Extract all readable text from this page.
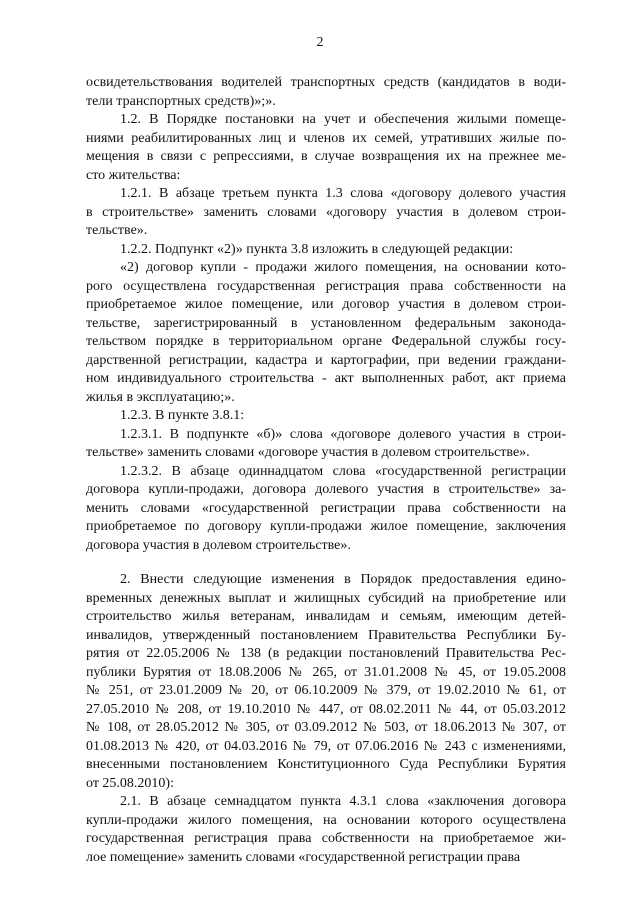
2
освидетельствования водителей транспортных средств (кандидатов в води-
тели транспортных средств)»;».
1.2. В Порядке постановки на учет и обеспечения жилыми помеще-
ниями реабилитированных лиц и членов их семей, утративших жилые по-
мещения в связи с репрессиями, в случае возвращения их на прежнее ме-
сто жительства:
1.2.1. В абзаце третьем пункта 1.3 слова «договору долевого участия
в строительстве» заменить словами «договору участия в долевом строи-
тельстве».
1.2.2. Подпункт «2)» пункта 3.8 изложить в следующей редакции:
«2) договор купли - продажи жилого помещения, на основании кото-
рого осуществлена государственная регистрация права собственности на
приобретаемое жилое помещение, или договор участия в долевом строи-
тельстве, зарегистрированный в установленном федеральным законода-
тельством порядке в территориальном органе Федеральной службы госу-
дарственной регистрации, кадастра и картографии, при ведении граждани-
ном индивидуального строительства - акт выполненных работ, акт приема
жилья в эксплуатацию;».
1.2.3. В пункте 3.8.1:
1.2.3.1. В подпункте «б)» слова «договоре долевого участия в строи-
тельстве» заменить словами «договоре участия в долевом строительстве».
1.2.3.2. В абзаце одиннадцатом слова «государственной регистрации
договора купли-продажи, договора долевого участия в строительстве» за-
менить словами «государственной регистрации права собственности на
приобретаемое по договору купли-продажи жилое помещение, заключения
договора участия в долевом строительстве».
2. Внести следующие изменения в Порядок предоставления едино-
временных денежных выплат и жилищных субсидий на приобретение или
строительство жилья ветеранам, инвалидам и семьям, имеющим детей-
инвалидов, утвержденный постановлением Правительства Республики Бу-
рятия от 22.05.2006 № 138 (в редакции постановлений Правительства Рес-
публики Бурятия от 18.08.2006 № 265, от 31.01.2008 № 45, от 19.05.2008
№ 251, от 23.01.2009 № 20, от 06.10.2009 № 379, от 19.02.2010 № 61, от
27.05.2010 № 208, от 19.10.2010 № 447, от 08.02.2011 № 44, от 05.03.2012
№ 108, от 28.05.2012 № 305, от 03.09.2012 № 503, от 18.06.2013 № 307, от
01.08.2013 № 420, от 04.03.2016 № 79, от 07.06.2016 № 243 с изменениями,
внесенными постановлением Конституционного Суда Республики Бурятия
от 25.08.2010):
2.1. В абзаце семнадцатом пункта 4.3.1 слова «заключения договора
купли-продажи жилого помещения, на основании которого осуществлена
государственная регистрация права собственности на приобретаемое жи-
лое помещение» заменить словами «государственной регистрации права
